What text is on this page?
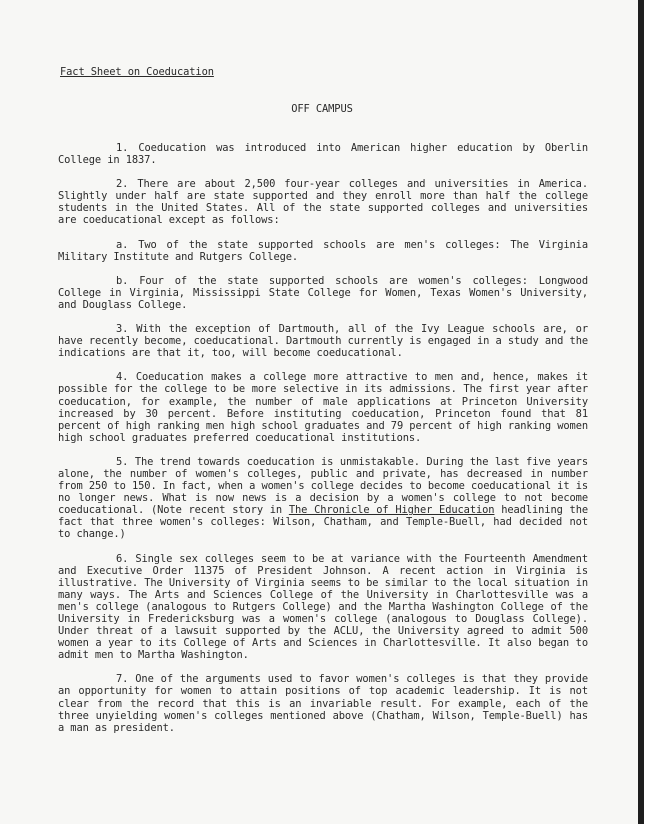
Fact Sheet on Coeducation
OFF CAMPUS

1. Coeducation was introduced into American higher education by Oberlin College in 1837.

2. There are about 2,500 four-year colleges and universities in America. Slightly under half are state supported and they enroll more than half the college students in the United States. All of the state supported colleges and universities are coeducational except as follows:

a. Two of the state supported schools are men's colleges: The Virginia Military Institute and Rutgers College.

b. Four of the state supported schools are women's colleges: Longwood College in Virginia, Mississippi State College for Women, Texas Women's University, and Douglass College.

3. With the exception of Dartmouth, all of the Ivy League schools are, or have recently become, coeducational. Dartmouth currently is engaged in a study and the indications are that it, too, will become coeducational.

4. Coeducation makes a college more attractive to men and, hence, makes it possible for the college to be more selective in its admissions. The first year after coeducation, for example, the number of male applications at Princeton University increased by 30 percent. Before instituting coeducation, Princeton found that 81 percent of high ranking men high school graduates and 79 percent of high ranking women high school graduates preferred coeducational institutions.

5. The trend towards coeducation is unmistakable. During the last five years alone, the number of women's colleges, public and private, has decreased in number from 250 to 150. In fact, when a women's college decides to become coeducational it is no longer news. What is now news is a decision by a women's college to not become coeducational. (Note recent story in The Chronicle of Higher Education headlining the fact that three women's colleges: Wilson, Chatham, and Temple-Buell, had decided not to change.)

6. Single sex colleges seem to be at variance with the Fourteenth Amendment and Executive Order 11375 of President Johnson. A recent action in Virginia is illustrative. The University of Virginia seems to be similar to the local situation in many ways. The Arts and Sciences College of the University in Charlottesville was a men's college (analogous to Rutgers College) and the Martha Washington College of the University in Fredericksburg was a women's college (analogous to Douglass College). Under threat of a lawsuit supported by the ACLU, the University agreed to admit 500 women a year to its College of Arts and Sciences in Charlottesville. It also began to admit men to Martha Washington.

7. One of the arguments used to favor women's colleges is that they provide an opportunity for women to attain positions of top academic leadership. It is not clear from the record that this is an invariable result. For example, each of the three unyielding women's colleges mentioned above (Chatham, Wilson, Temple-Buell) has a man as president.
